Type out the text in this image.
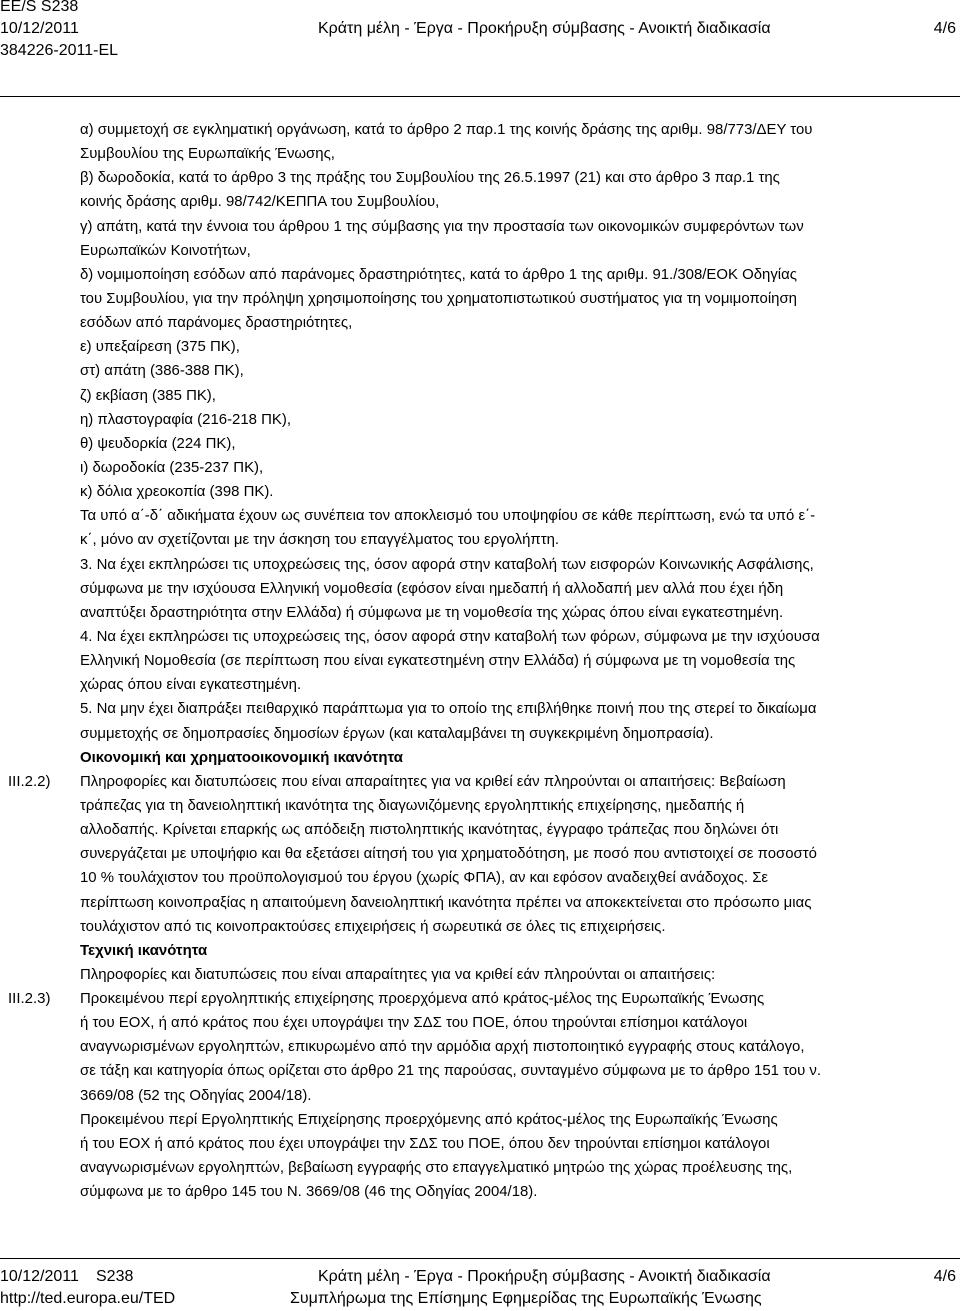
EE/S S238
10/12/2011
384226-2011-EL
Κράτη μέλη - Έργα - Προκήρυξη σύμβασης - Ανοικτή διαδικασία	4/6
III.2.2)
III.2.3)
α) συμμετοχή σε εγκληματική οργάνωση, κατά το άρθρο 2 παρ.1 της κοινής δράσης της αριθμ. 98/773/ΔΕΥ του
Συμβουλίου της Ευρωπαϊκής Ένωσης,
β) δωροδοκία, κατά το άρθρο 3 της πράξης του Συμβουλίου της 26.5.1997 (21) και στο άρθρο 3 παρ.1 της
κοινής δράσης αριθμ. 98/742/ΚΕΠΠΑ του Συμβουλίου,
γ) απάτη, κατά την έννοια του άρθρου 1 της σύμβασης για την προστασία των οικονομικών συμφερόντων των
Ευρωπαϊκών Κοινοτήτων,
δ) νομιμοποίηση εσόδων από παράνομες δραστηριότητες, κατά το άρθρο 1 της αριθμ. 91./308/ΕΟΚ Οδηγίας
του Συμβουλίου, για την πρόληψη χρησιμοποίησης του χρηματοπιστωτικού συστήματος για τη νομιμοποίηση
εσόδων από παράνομες δραστηριότητες,
ε) υπεξαίρεση (375 ΠΚ),
στ) απάτη (386-388 ΠΚ),
ζ) εκβίαση (385 ΠΚ),
η) πλαστογραφία (216-218 ΠΚ),
θ) ψευδορκία (224 ΠΚ),
ι) δωροδοκία (235-237 ΠΚ),
κ) δόλια χρεοκοπία (398 ΠΚ).
Τα υπό α΄-δ΄ αδικήματα έχουν ως συνέπεια τον αποκλεισμό του υποψηφίου σε κάθε περίπτωση, ενώ τα υπό ε΄-
κ΄, μόνο αν σχετίζονται με την άσκηση του επαγγέλματος του εργολήπτη.
3. Να έχει εκπληρώσει τις υποχρεώσεις της, όσον αφορά στην καταβολή των εισφορών Κοινωνικής Ασφάλισης,
σύμφωνα με την ισχύουσα Ελληνική νομοθεσία (εφόσον είναι ημεδαπή ή αλλοδαπή μεν αλλά που έχει ήδη
αναπτύξει δραστηριότητα στην Ελλάδα) ή σύμφωνα με τη νομοθεσία της χώρας όπου είναι εγκατεστημένη.
4. Να έχει εκπληρώσει τις υποχρεώσεις της, όσον αφορά στην καταβολή των φόρων, σύμφωνα με την ισχύουσα
Ελληνική Νομοθεσία (σε περίπτωση που είναι εγκατεστημένη στην Ελλάδα) ή σύμφωνα με τη νομοθεσία της
χώρας όπου είναι εγκατεστημένη.
5. Να μην έχει διαπράξει πειθαρχικό παράπτωμα για το οποίο της επιβλήθηκε ποινή που της στερεί το δικαίωμα
συμμετοχής σε δημοπρασίες δημοσίων έργων (και καταλαμβάνει τη συγκεκριμένη δημοπρασία).
Οικονομική και χρηματοοικονομική ικανότητα
Πληροφορίες και διατυπώσεις που είναι απαραίτητες για να κριθεί εάν πληρούνται οι απαιτήσεις: Βεβαίωση
τράπεζας για τη δανειοληπτική ικανότητα της διαγωνιζόμενης εργοληπτικής επιχείρησης, ημεδαπής ή
αλλοδαπής. Κρίνεται επαρκής ως απόδειξη πιστοληπτικής ικανότητας, έγγραφο τράπεζας που δηλώνει ότι
συνεργάζεται με υποψήφιο και θα εξετάσει αίτησή του για χρηματοδότηση, με ποσό που αντιστοιχεί σε ποσοστό
10 % τουλάχιστον του προϋπολογισμού του έργου (χωρίς ΦΠΑ), αν και εφόσον αναδειχθεί ανάδοχος. Σε
περίπτωση κοινοπραξίας η απαιτούμενη δανειοληπτική ικανότητα πρέπει να αποκεκτείνεται στο πρόσωπο μιας
τουλάχιστον από τις κοινοπρακτούσες επιχειρήσεις ή σωρευτικά σε όλες τις επιχειρήσεις.
Τεχνική ικανότητα
Πληροφορίες και διατυπώσεις που είναι απαραίτητες για να κριθεί εάν πληρούνται οι απαιτήσεις:
Προκειμένου περί εργοληπτικής επιχείρησης προερχόμενα από κράτος-μέλος της Ευρωπαϊκής Ένωσης
ή του ΕΟΧ, ή από κράτος που έχει υπογράψει την ΣΔΣ του ΠΟΕ, όπου τηρούνται επίσημοι κατάλογοι
αναγνωρισμένων εργοληπτών, επικυρωμένο από την αρμόδια αρχή πιστοποιητικό εγγραφής στους κατάλογο,
σε τάξη και κατηγορία όπως ορίζεται στο άρθρο 21 της παρούσας, συνταγμένο σύμφωνα με το άρθρο 151 του ν.
3669/08 (52 της Οδηγίας 2004/18).
Προκειμένου περί Εργοληπτικής Επιχείρησης προερχόμενης από κράτος-μέλος της Ευρωπαϊκής Ένωσης
ή του ΕΟΧ ή από κράτος που έχει υπογράψει την ΣΔΣ του ΠΟΕ, όπου δεν τηρούνται επίσημοι κατάλογοι
αναγνωρισμένων εργοληπτών, βεβαίωση εγγραφής στο επαγγελματικό μητρώο της χώρας προέλευσης της,
σύμφωνα με το άρθρο 145 του Ν. 3669/08 (46 της Οδηγίας 2004/18).
10/12/2011 S238
http://ted.europa.eu/TED
Κράτη μέλη - Έργα - Προκήρυξη σύμβασης - Ανοικτή διαδικασία
Συμπλήρωμα της Επίσημης Εφημερίδας της Ευρωπαϊκής Ένωσης
4/6
